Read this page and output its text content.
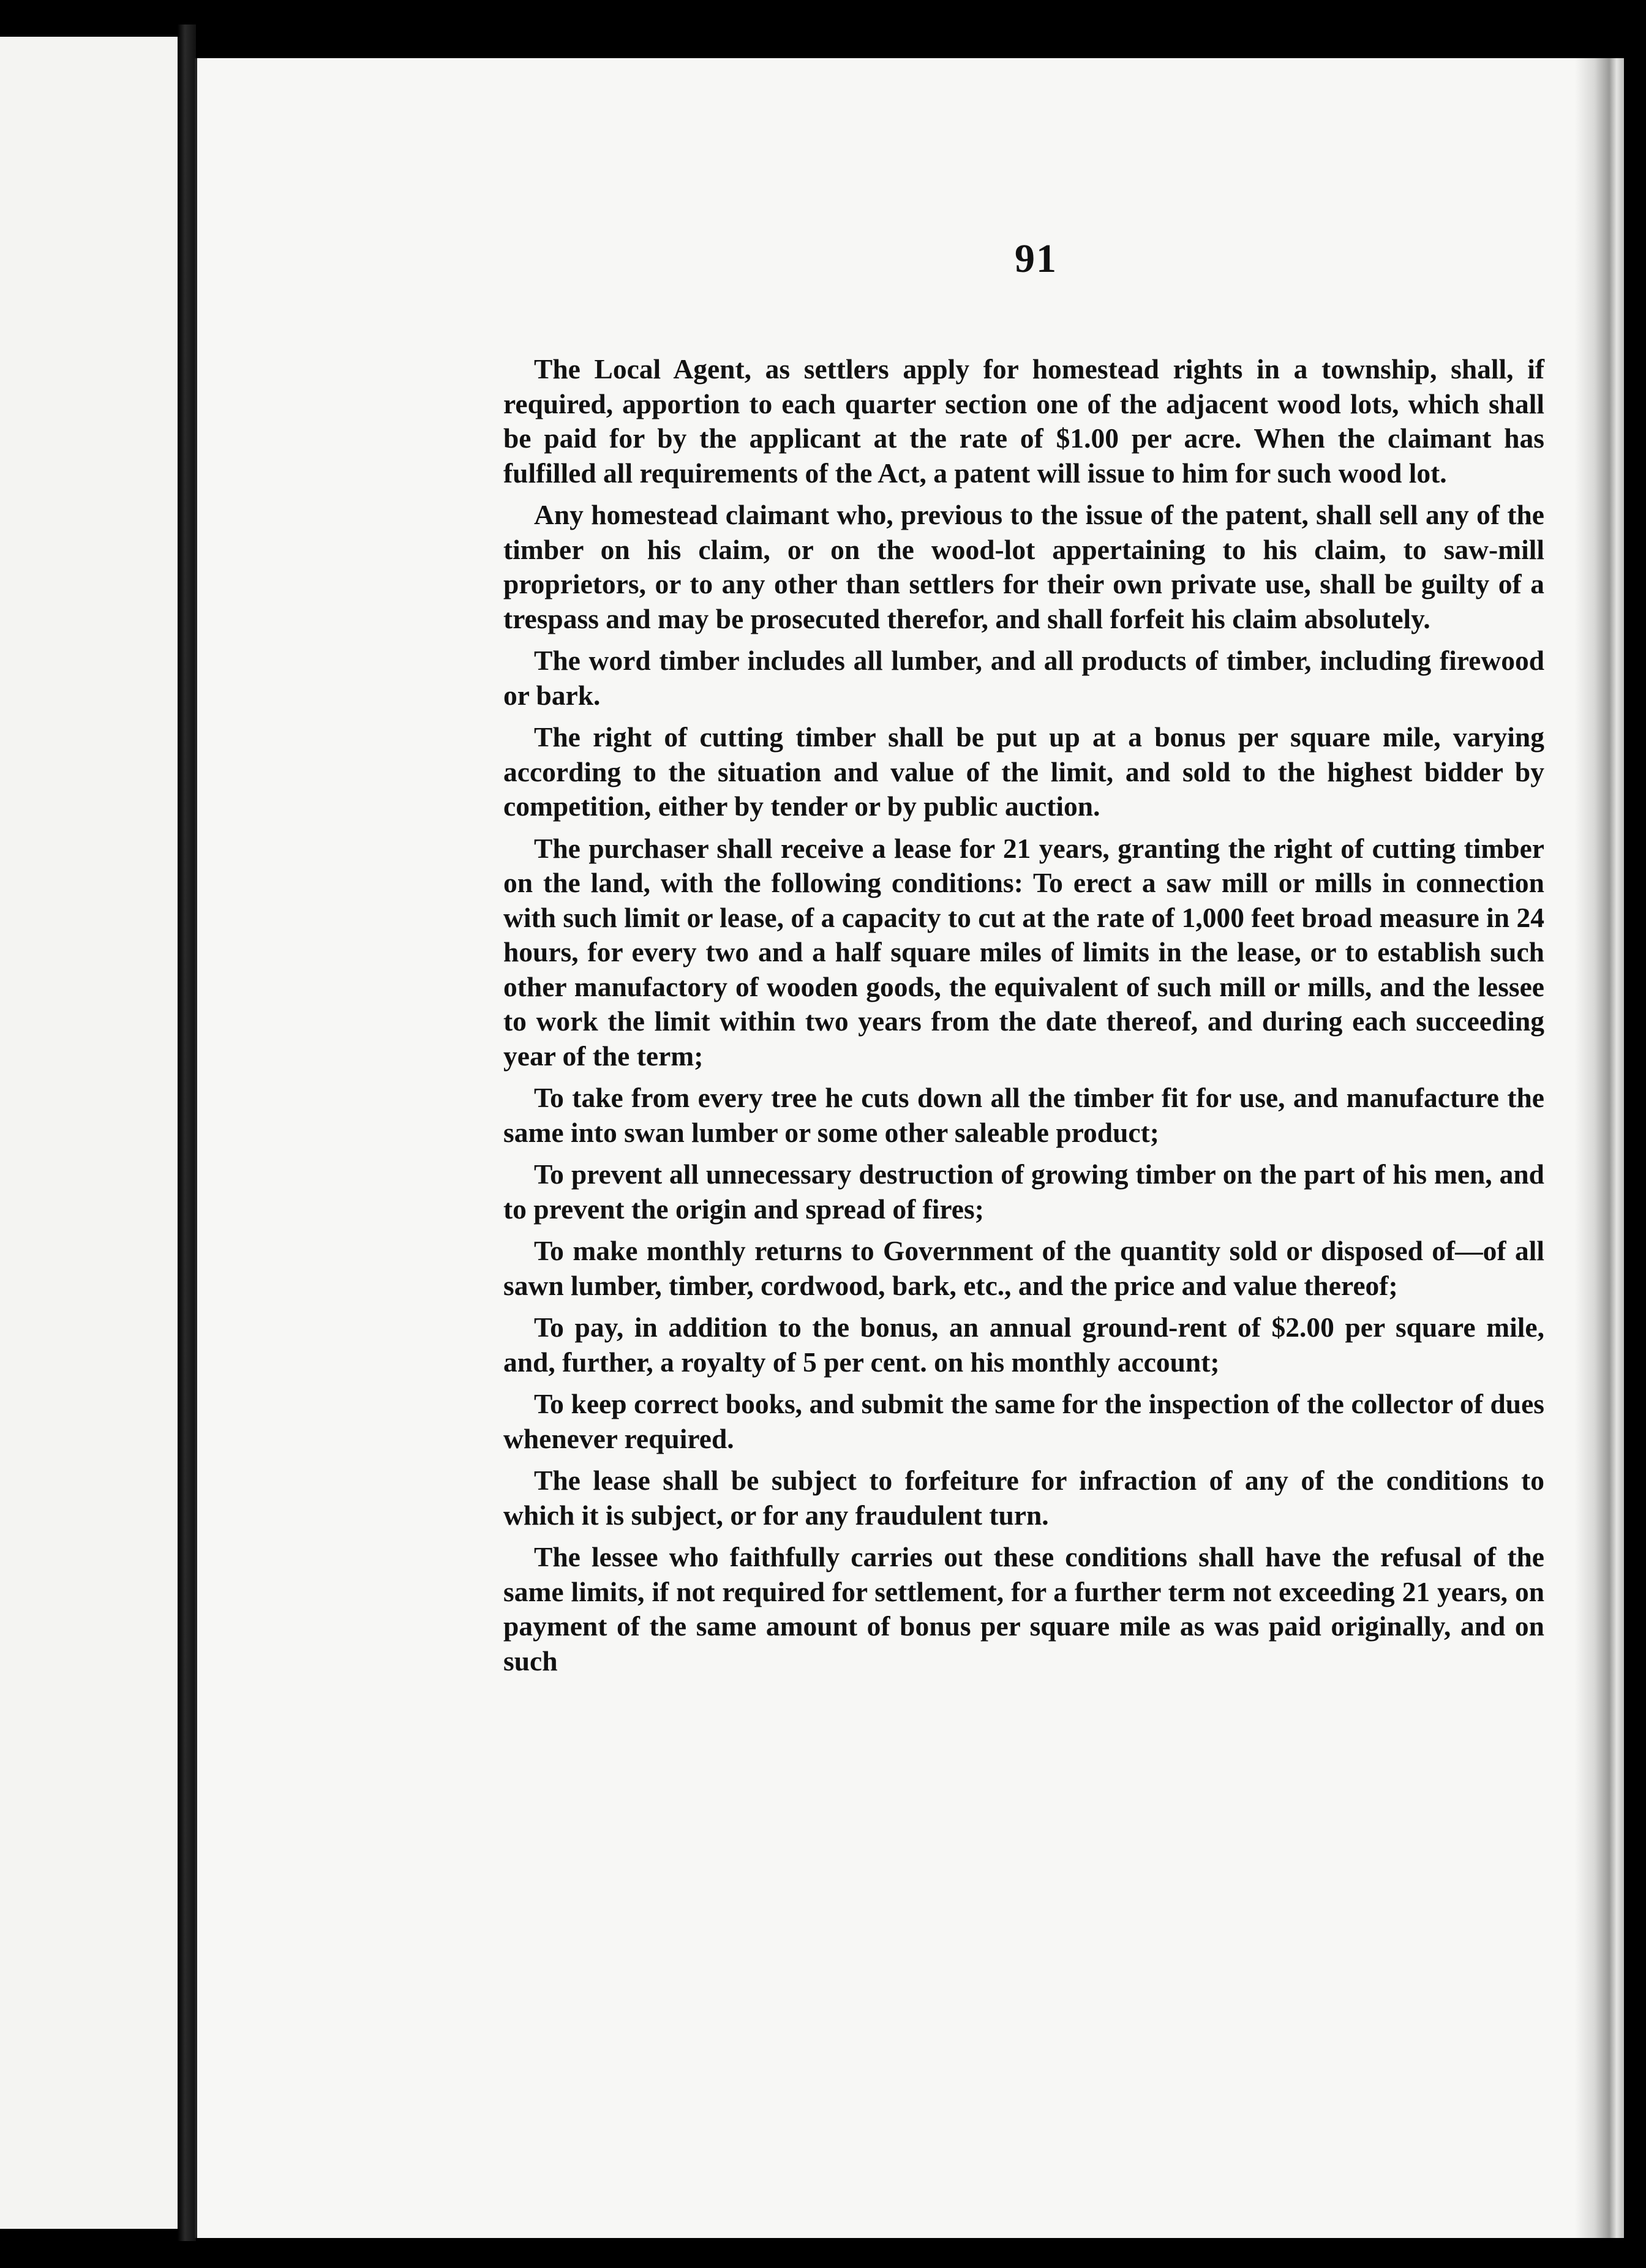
91

The Local Agent, as settlers apply for homestead rights in a township, shall, if required, apportion to each quarter section one of the adjacent wood lots, which shall be paid for by the applicant at the rate of $1.00 per acre. When the claimant has fulfilled all requirements of the Act, a patent will issue to him for such wood lot.

Any homestead claimant who, previous to the issue of the patent, shall sell any of the timber on his claim, or on the wood-lot appertaining to his claim, to saw-mill proprietors, or to any other than settlers for their own private use, shall be guilty of a trespass and may be prosecuted therefor, and shall forfeit his claim absolutely.

The word timber includes all lumber, and all products of timber, including firewood or bark.

The right of cutting timber shall be put up at a bonus per square mile, varying according to the situation and value of the limit, and sold to the highest bidder by competition, either by tender or by public auction.

The purchaser shall receive a lease for 21 years, granting the right of cutting timber on the land, with the following conditions: To erect a saw mill or mills in connection with such limit or lease, of a capacity to cut at the rate of 1,000 feet broad measure in 24 hours, for every two and a half square miles of limits in the lease, or to establish such other manufactory of wooden goods, the equivalent of such mill or mills, and the lessee to work the limit within two years from the date thereof, and during each succeeding year of the term;

To take from every tree he cuts down all the timber fit for use, and manufacture the same into swan lumber or some other saleable product;

To prevent all unnecessary destruction of growing timber on the part of his men, and to prevent the origin and spread of fires;

To make monthly returns to Government of the quantity sold or disposed of—of all sawn lumber, timber, cordwood, bark, etc., and the price and value thereof;

To pay, in addition to the bonus, an annual ground-rent of $2.00 per square mile, and, further, a royalty of 5 per cent. on his monthly account;

To keep correct books, and submit the same for the inspection of the collector of dues whenever required.

The lease shall be subject to forfeiture for infraction of any of the conditions to which it is subject, or for any fraudulent turn.

The lessee who faithfully carries out these conditions shall have the refusal of the same limits, if not required for settlement, for a further term not exceeding 21 years, on payment of the same amount of bonus per square mile as was paid originally, and on such
